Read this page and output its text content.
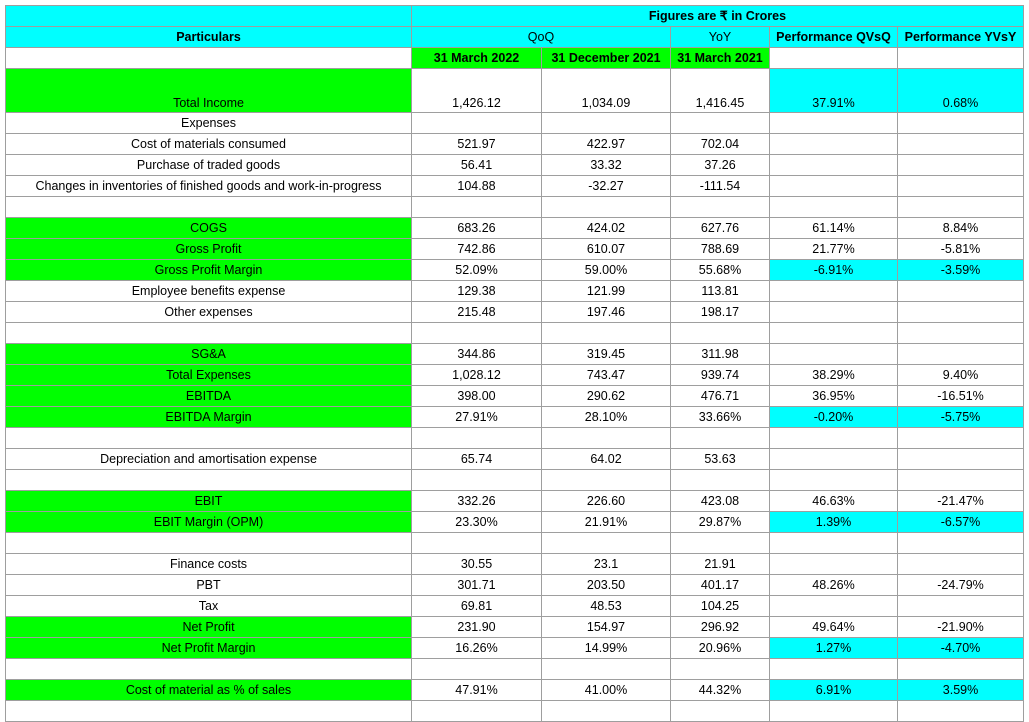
	Figures are ₹ in Crores				
Particulars	QoQ		YoY	Performance QVsQ	Performance YVsY
	31 March 2022	31 December 2021	31 March 2021		
Total Income	1,426.12	1,034.09	1,416.45	37.91%	0.68%
Expenses					
Cost of materials consumed	521.97	422.97	702.04		
Purchase of traded goods	56.41	33.32	37.26		
Changes in inventories of finished goods and work-in-progress	104.88	-32.27	-111.54		

COGS	683.26	424.02	627.76	61.14%	8.84%
Gross Profit	742.86	610.07	788.69	21.77%	-5.81%
Gross Profit Margin	52.09%	59.00%	55.68%	-6.91%	-3.59%
Employee benefits expense	129.38	121.99	113.81		
Other expenses	215.48	197.46	198.17		

SG&A	344.86	319.45	311.98		
Total Expenses	1,028.12	743.47	939.74	38.29%	9.40%
EBITDA	398.00	290.62	476.71	36.95%	-16.51%
EBITDA Margin	27.91%	28.10%	33.66%	-0.20%	-5.75%

Depreciation and amortisation expense	65.74	64.02	53.63		

EBIT	332.26	226.60	423.08	46.63%	-21.47%
EBIT Margin (OPM)	23.30%	21.91%	29.87%	1.39%	-6.57%

Finance costs	30.55	23.1	21.91		
PBT	301.71	203.50	401.17	48.26%	-24.79%
Tax	69.81	48.53	104.25		
Net Profit	231.90	154.97	296.92	49.64%	-21.90%
Net Profit Margin	16.26%	14.99%	20.96%	1.27%	-4.70%

Cost of material as % of sales	47.91%	41.00%	44.32%	6.91%	3.59%
